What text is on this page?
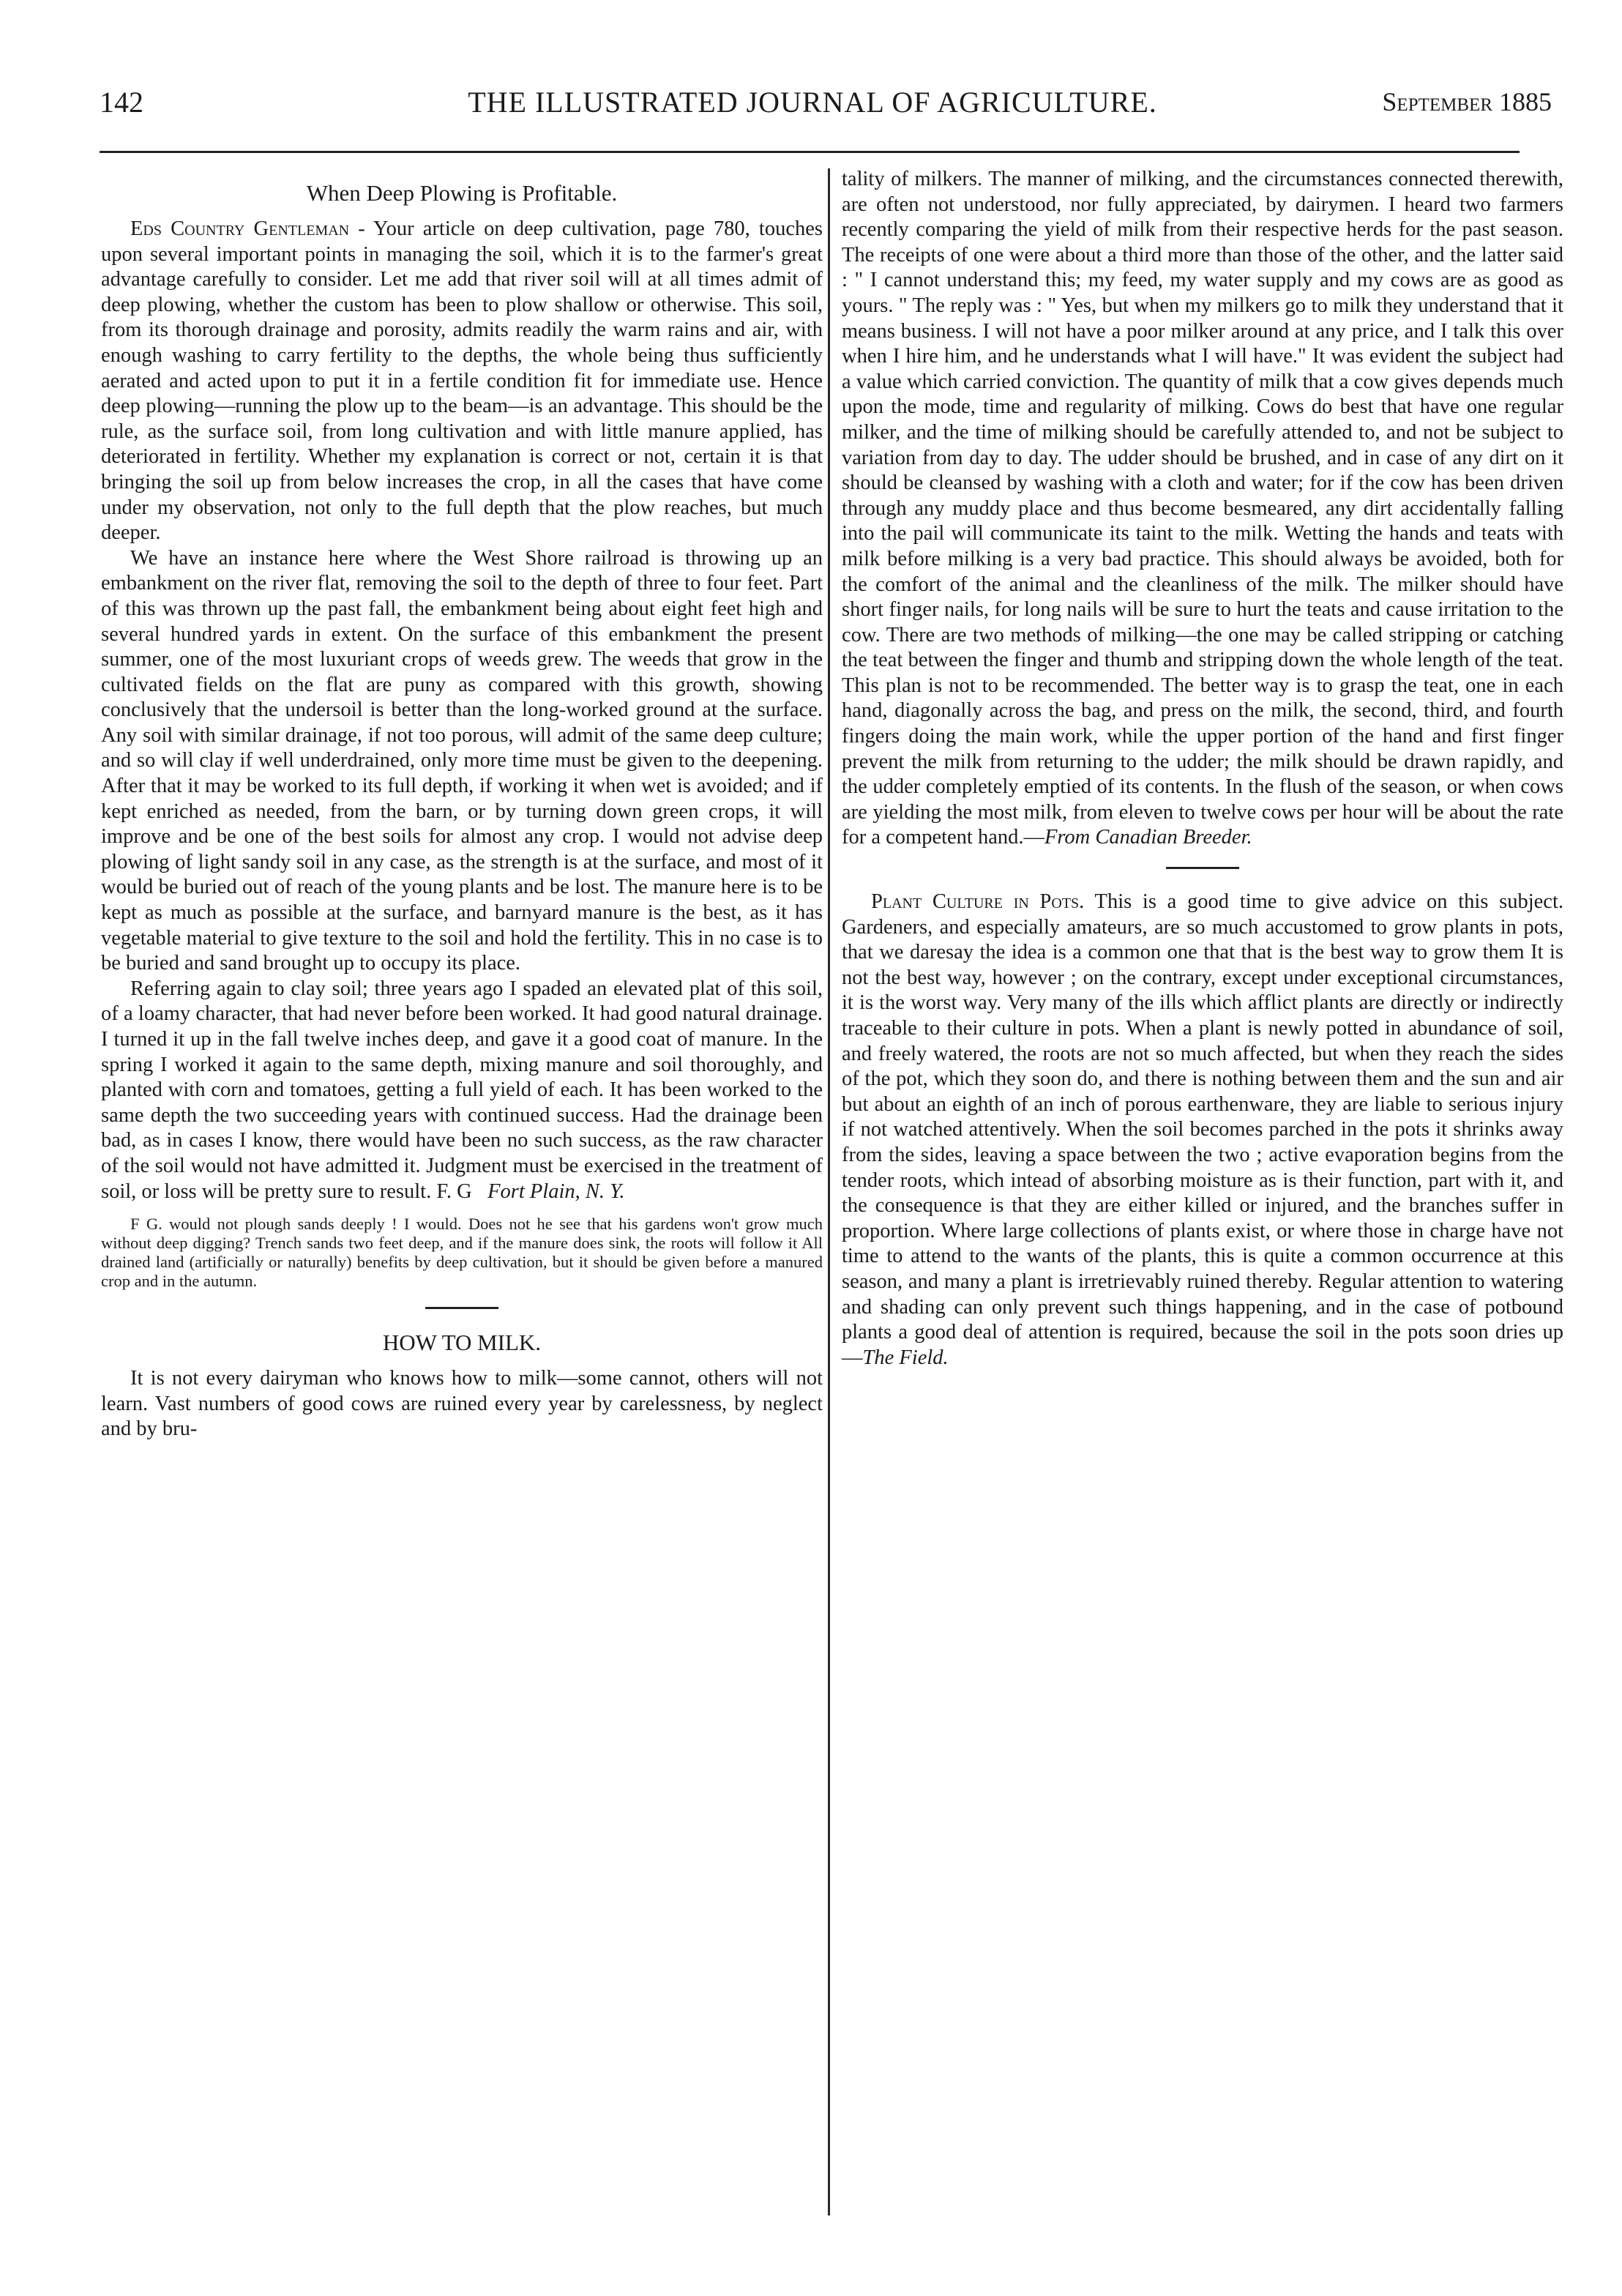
142	THE ILLUSTRATED JOURNAL OF AGRICULTURE.	September 1885
When Deep Plowing is Profitable.

Eds Country Gentleman - Your article on deep cultivation, page 780, touches upon several important points in managing the soil, which it is to the farmer's great advantage carefully to consider. Let me add that river soil will at all times admit of deep plowing, whether the custom has been to plow shallow or otherwise. This soil, from its thorough drainage and porosity, admits readily the warm rains and air, with enough washing to carry fertility to the depths, the whole being thus sufficiently aerated and acted upon to put it in a fertile condition fit for immediate use. Hence deep plowing—running the plow up to the beam—is an advantage. This should be the rule, as the surface soil, from long cultivation and with little manure applied, has deteriorated in fertility. Whether my explanation is correct or not, certain it is that bringing the soil up from below increases the crop, in all the cases that have come under my observation, not only to the full depth that the plow reaches, but much deeper.

We have an instance here where the West Shore railroad is throwing up an embankment on the river flat, removing the soil to the depth of three to four feet. Part of this was thrown up the past fall, the embankment being about eight feet high and several hundred yards in extent. On the surface of this embankment the present summer, one of the most luxuriant crops of weeds grew. The weeds that grow in the cultivated fields on the flat are puny as compared with this growth, showing conclusively that the undersoil is better than the long-worked ground at the surface. Any soil with similar drainage, if not too porous, will admit of the same deep culture; and so will clay if well underdrained, only more time must be given to the deepening. After that it may be worked to its full depth, if working it when wet is avoided; and if kept enriched as needed, from the barn, or by turning down green crops, it will improve and be one of the best soils for almost any crop. I would not advise deep plowing of light sandy soil in any case, as the strength is at the surface, and most of it would be buried out of reach of the young plants and be lost. The manure here is to be kept as much as possible at the surface, and barnyard manure is the best, as it has vegetable material to give texture to the soil and hold the fertility. This in no case is to be buried and sand brought up to occupy its place.

Referring again to clay soil; three years ago I spaded an elevated plat of this soil, of a loamy character, that had never before been worked. It had good natural drainage. I turned it up in the fall twelve inches deep, and gave it a good coat of manure. In the spring I worked it again to the same depth, mixing manure and soil thoroughly, and planted with corn and tomatoes, getting a full yield of each. It has been worked to the same depth the two succeeding years with continued success. Had the drainage been bad, as in cases I know, there would have been no such success, as the raw character of the soil would not have admitted it. Judgment must be exercised in the treatment of soil, or loss will be pretty sure to result. F. G Fort Plain, N. Y.

F G. would not plough sands deeply ! I would. Does not he see that his gardens won't grow much without deep digging? Trench sands two feet deep, and if the manure does sink, the roots will follow it All drained land (artificially or naturally) benefits by deep cultivation, but it should be given before a manured crop and in the autumn.

HOW TO MILK.

It is not every dairyman who knows how to milk—some cannot, others will not learn. Vast numbers of good cows are ruined every year by carelessness, by neglect and by bru-

tality of milkers. The manner of milking, and the circumstances connected therewith, are often not understood, nor fully appreciated, by dairymen. I heard two farmers recently comparing the yield of milk from their respective herds for the past season. The receipts of one were about a third more than those of the other, and the latter said : " I cannot understand this; my feed, my water supply and my cows are as good as yours. " The reply was : " Yes, but when my milkers go to milk they understand that it means business. I will not have a poor milker around at any price, and I talk this over when I hire him, and he understands what I will have." It was evident the subject had a value which carried conviction. The quantity of milk that a cow gives depends much upon the mode, time and regularity of milking. Cows do best that have one regular milker, and the time of milking should be carefully attended to, and not be subject to variation from day to day. The udder should be brushed, and in case of any dirt on it should be cleansed by washing with a cloth and water; for if the cow has been driven through any muddy place and thus become besmeared, any dirt accidentally falling into the pail will communicate its taint to the milk. Wetting the hands and teats with milk before milking is a very bad practice. This should always be avoided, both for the comfort of the animal and the cleanliness of the milk. The milker should have short finger nails, for long nails will be sure to hurt the teats and cause irritation to the cow. There are two methods of milking—the one may be called stripping or catching the teat between the finger and thumb and stripping down the whole length of the teat. This plan is not to be recommended. The better way is to grasp the teat, one in each hand, diagonally across the bag, and press on the milk, the second, third, and fourth fingers doing the main work, while the upper portion of the hand and first finger prevent the milk from returning to the udder; the milk should be drawn rapidly, and the udder completely emptied of its contents. In the flush of the season, or when cows are yielding the most milk, from eleven to twelve cows per hour will be about the rate for a competent hand.—From Canadian Breeder.

Plant Culture in Pots. This is a good time to give advice on this subject. Gardeners, and especially amateurs, are so much accustomed to grow plants in pots, that we daresay the idea is a common one that that is the best way to grow them It is not the best way, however ; on the contrary, except under exceptional circumstances, it is the worst way. Very many of the ills which afflict plants are directly or indirectly traceable to their culture in pots. When a plant is newly potted in abundance of soil, and freely watered, the roots are not so much affected, but when they reach the sides of the pot, which they soon do, and there is nothing between them and the sun and air but about an eighth of an inch of porous earthenware, they are liable to serious injury if not watched attentively. When the soil becomes parched in the pots it shrinks away from the sides, leaving a space between the two ; active evaporation begins from the tender roots, which intead of absorbing moisture as is their function, part with it, and the consequence is that they are either killed or injured, and the branches suffer in proportion. Where large collections of plants exist, or where those in charge have not time to attend to the wants of the plants, this is quite a common occurrence at this season, and many a plant is irretrievably ruined thereby. Regular attention to watering and shading can only prevent such things happening, and in the case of potbound plants a good deal of attention is required, because the soil in the pots soon dries up —The Field.
